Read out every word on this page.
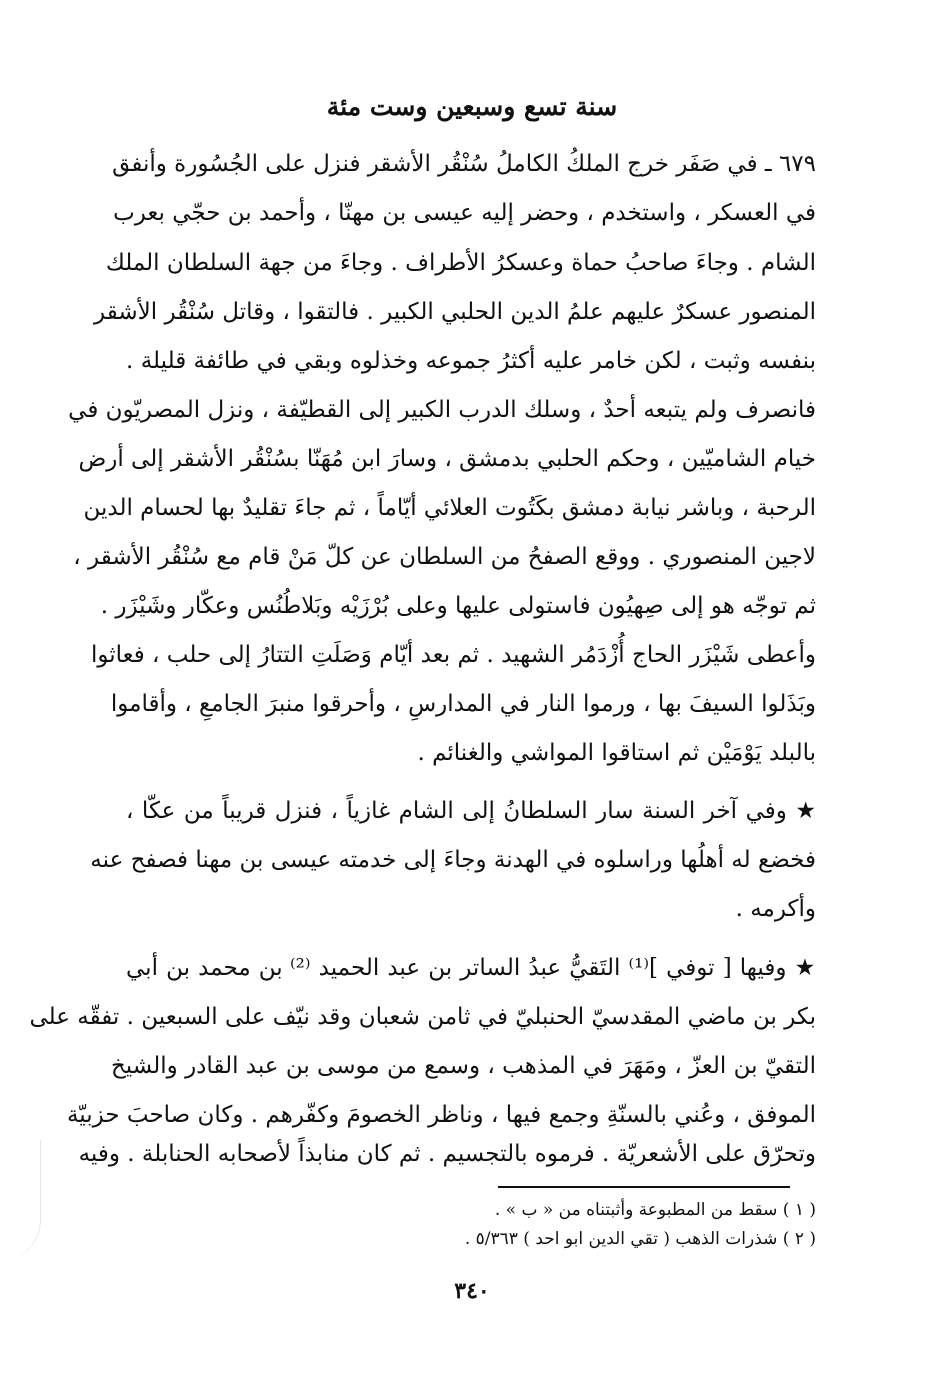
سنة تسع وسبعين وست مئة
٦٧٩ ـ في صَفَر خرج الملكُ الكاملُ سُنْقُر الأشقر فنزل على الجُسُورة وأنفق
في العسكر ، واستخدم ، وحضر إليه عيسى بن مهنّا ، وأحمد بن حجّي بعرب
الشام . وجاءَ صاحبُ حماة وعسكرُ الأطراف . وجاءَ من جهة السلطان الملك
المنصور عسكرٌ عليهم علمُ الدين الحلبي الكبير . فالتقوا ، وقاتل سُنْقُر الأشقر
بنفسه وثبت ، لكن خامر عليه أكثرُ جموعه وخذلوه وبقي في طائفة قليلة .
فانصرف ولم يتبعه أحدٌ ، وسلك الدرب الكبير إلى القطيّفة ، ونزل المصريّون في
خيام الشاميّين ، وحكم الحلبي بدمشق ، وسارَ ابن مُهَنّا بسُنْقُر الأشقر إلى أرض
الرحبة ، وباشر نيابة دمشق بكَتُوت العلائي أيّاماً ، ثم جاءَ تقليدٌ بها لحسام الدين
لاجين المنصوري . ووقع الصفحُ من السلطان عن كلّ مَنْ قام مع سُنْقُر الأشقر ،
ثم توجّه هو إلى صِهيُون فاستولى عليها وعلى بُرْزَيْه وبَلاطُنُس وعكّار وشَيْزَر .
وأعطى شَيْزَر الحاج أُزْدَمُر الشهيد . ثم بعد أيّام وَصَلَتِ التتارُ إلى حلب ، فعاثوا
وبَذَلوا السيفَ بها ، ورموا النار في المدارسِ ، وأحرقوا منبرَ الجامعِ ، وأقاموا
بالبلد يَوْمَيْن ثم استاقوا المواشي والغنائم .
★ وفي آخر السنة سار السلطانُ إلى الشام غازياً ، فنزل قريباً من عكّا ،
فخضع له أهلُها وراسلوه في الهدنة وجاءَ إلى خدمته عيسى بن مهنا فصفح عنه
وأكرمه .
★ وفيها [ توفي ]⁽¹⁾ التَقيُّ عبدُ الساتر بن عبد الحميد ⁽²⁾ بن محمد بن أبي
بكر بن ماضي المقدسيّ الحنبليّ في ثامن شعبان وقد نيّف على السبعين . تفقّه على
التقيّ بن العزّ ، ومَهَرَ في المذهب ، وسمع من موسى بن عبد القادر والشيخ
الموفق ، وعُني بالسنّةِ وجمع فيها ، وناظر الخصومَ وكفّرهم . وكان صاحبَ حزبيّة
وتحرّق على الأشعريّة . فرموه بالتجسيم . ثم كان منابذاً لأصحابه الحنابلة . وفيه
( ١ ) سقط من المطبوعة وأثبتناه من « ب » .
( ٢ ) شذرات الذهب ( تقي الدين ابو احد ) ٥/٣٦٣ .
٣٤٠
